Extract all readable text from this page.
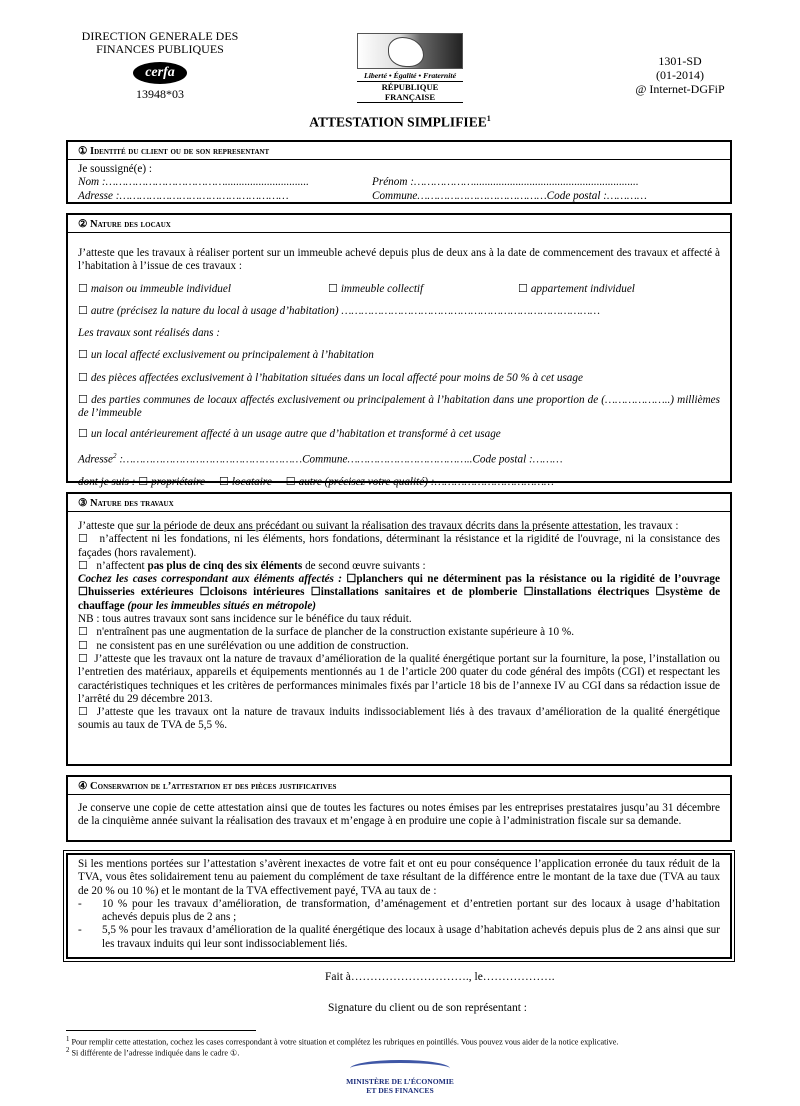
DIRECTION GENERALE DES
FINANCES PUBLIQUES
cerfa
13948*03
Liberté • Égalité • Fraternité
RÉPUBLIQUE FRANÇAISE
1301-SD
(01-2014)
@ Internet-DGFiP
ATTESTATION SIMPLIFIEE$^1$
① Identité du client ou de son representant
Je soussigné(e) :
Nom :………………………………..............................	Prénom :………………...........................................................
Adresse :……………………………………………	Commune…………………………………Code postal :…………
② Nature des locaux
J’atteste que les travaux à réaliser portent sur un immeuble achevé depuis plus de deux ans à la date de commencement des travaux et affecté à l’habitation à l’issue de ces travaux :
☐ maison ou immeuble individuel	☐ immeuble collectif	☐ appartement individuel
☐ autre (précisez la nature du local à usage d’habitation) ……………………………………………………………………
Les travaux sont réalisés dans :
☐ un local affecté exclusivement ou principalement à l’habitation
☐ des pièces affectées exclusivement à l’habitation situées dans un local affecté pour moins de 50 % à cet usage
☐ des parties communes de locaux affectés exclusivement ou principalement à l’habitation dans une proportion de (………………..) millièmes de l’immeuble
☐ un local antérieurement affecté à un usage autre que d’habitation et transformé à cet usage
Adresse$^2$ :………………………………………………Commune………………………………..Code postal :………
dont je suis : ☐ propriétaire ☐ locataire ☐ autre (précisez votre qualité) :………………………………
③ Nature des travaux
J’atteste que sur la période de deux ans précédant ou suivant la réalisation des travaux décrits dans la présente attestation, les travaux :
☐ n’affectent ni les fondations, ni les éléments, hors fondations, déterminant la résistance et la rigidité de l'ouvrage, ni la consistance des façades (hors ravalement).
☐ n’affectent pas plus de cinq des six éléments de second œuvre suivants :
Cochez les cases correspondant aux éléments affectés : ☐planchers qui ne déterminent pas la résistance ou la rigidité de l’ouvrage ☐huisseries extérieures ☐cloisons intérieures ☐installations sanitaires et de plomberie ☐installations électriques ☐système de chauffage (pour les immeubles situés en métropole)
NB : tous autres travaux sont sans incidence sur le bénéfice du taux réduit.
☐ n'entraînent pas une augmentation de la surface de plancher de la construction existante supérieure à 10 %.
☐ ne consistent pas en une surélévation ou une addition de construction.
☐ J’atteste que les travaux ont la nature de travaux d’amélioration de la qualité énergétique portant sur la fourniture, la pose, l’installation ou l’entretien des matériaux, appareils et équipements mentionnés au 1 de l’article 200 quater du code général des impôts (CGI) et respectant les caractéristiques techniques et les critères de performances minimales fixés par l’article 18 bis de l’annexe IV au CGI dans sa rédaction issue de l’arrêté du 29 décembre 2013.
☐ J’atteste que les travaux ont la nature de travaux induits indissociablement liés à des travaux d’amélioration de la qualité énergétique soumis au taux de TVA de 5,5 %.
④ Conservation de l’attestation et des pièces justificatives
Je conserve une copie de cette attestation ainsi que de toutes les factures ou notes émises par les entreprises prestataires jusqu’au 31 décembre de la cinquième année suivant la réalisation des travaux et m’engage à en produire une copie à l’administration fiscale sur sa demande.
Si les mentions portées sur l’attestation s’avèrent inexactes de votre fait et ont eu pour conséquence l’application erronée du taux réduit de la TVA, vous êtes solidairement tenu au paiement du complément de taxe résultant de la différence entre le montant de la taxe due (TVA au taux de 20 % ou 10 %) et le montant de la TVA effectivement payé, TVA au taux de :
-	10 % pour les travaux d’amélioration, de transformation, d’aménagement et d’entretien portant sur des locaux à usage d’habitation achevés depuis plus de 2 ans ;
-	5,5 % pour les travaux d’amélioration de la qualité énergétique des locaux à usage d’habitation achevés depuis plus de 2 ans ainsi que sur les travaux induits qui leur sont indissociablement liés.
Fait à…………………………., le……………….
Signature du client ou de son représentant :
$^1$ Pour remplir cette attestation, cochez les cases correspondant à votre situation et complétez les rubriques en pointillés. Vous pouvez vous aider de la notice explicative.
$^2$ Si différente de l’adresse indiquée dans le cadre ①.
MINISTÈRE DE L’ÉCONOMIE
ET DES FINANCES
